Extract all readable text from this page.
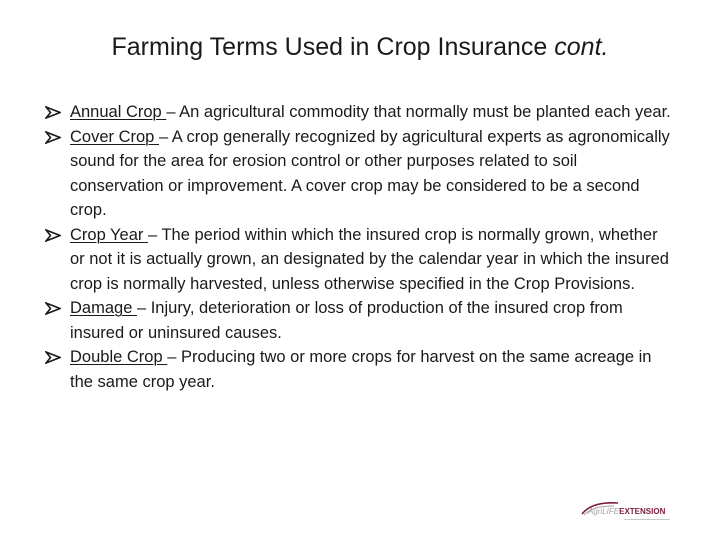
Farming Terms Used in Crop Insurance cont.
Annual Crop – An agricultural commodity that normally must be planted each year.
Cover Crop – A crop generally recognized by agricultural experts as agronomically sound for the area for erosion control or other purposes related to soil conservation or improvement. A cover crop may be considered to be a second crop.
Crop Year – The period within which the insured crop is normally grown, whether or not it is actually grown, an designated by the calendar year in which the insured crop is normally harvested, unless otherwise specified in the Crop Provisions.
Damage – Injury, deterioration or loss of production of the insured crop from insured or uninsured causes.
Double Crop – Producing two or more crops for harvest on the same acreage in the same crop year.
AgriLIFEEXTENSION
